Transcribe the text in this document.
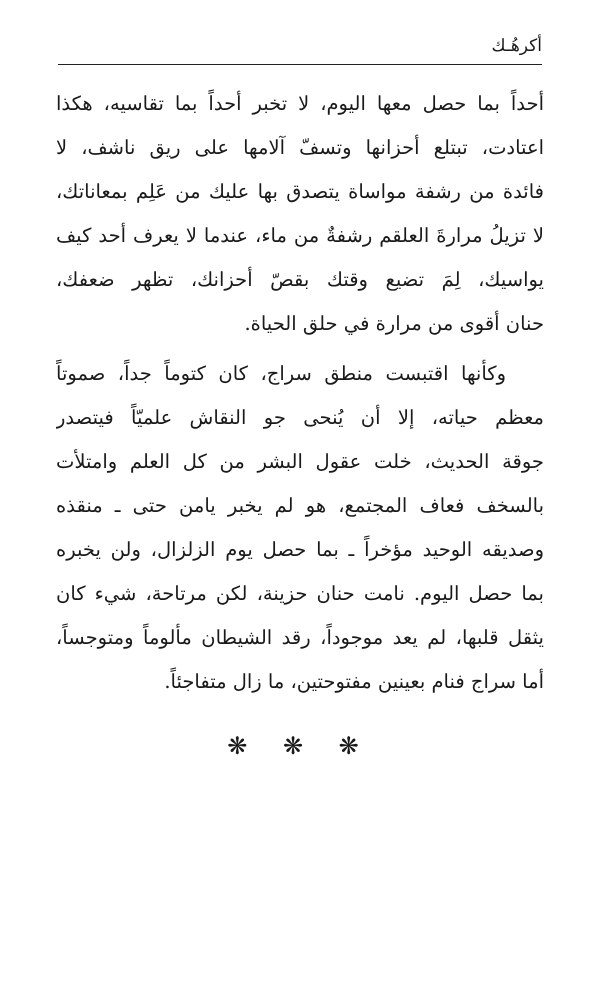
أكرهُـك
أحداً بما حصل معها اليوم، لا تخبر أحداً بما تقاسيه، هكذا
اعتادت، تبتلع أحزانها وتسفّ آلامها على ريق ناشف، لا
فائدة من رشفة مواساة يتصدق بها عليك من عَلِم بمعاناتك،
لا تزيلُ مرارةَ العلقم رشفةٌ من ماء، عندما لا يعرف أحد كيف
يواسيك، لِمَ تضيع وقتك بقصّ أحزانك، تظهر ضعفك،
حنان أقوى من مرارة في حلق الحياة.
وكأنها اقتبست منطق سراج، كان كتوماً جداً، صموتاً
معظم حياته، إلا أن يُنحى جو النقاش علميّاً فيتصدر
جوقة الحديث، خلت عقول البشر من كل العلم وامتلأت
بالسخف فعاف المجتمع، هو لم يخبر يامن حتى ـ منقذه
وصديقه الوحيد مؤخراً ـ بما حصل يوم الزلزال، ولن يخبره
بما حصل اليوم. نامت حنان حزينة، لكن مرتاحة، شيء كان
يثقل قلبها، لم يعد موجوداً، رقد الشيطان مألوماً ومتوجساً،
أما سراج فنام بعينين مفتوحتين، ما زال متفاجئاً.
❋ ❋ ❋
